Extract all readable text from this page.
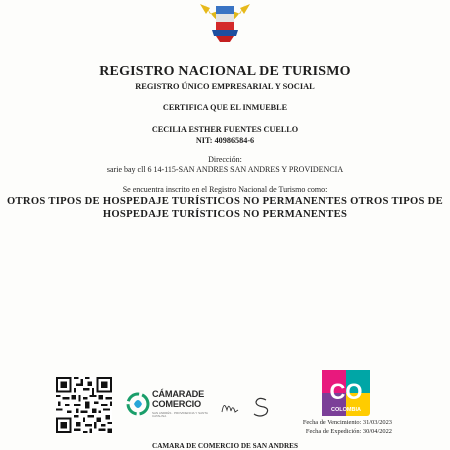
REGISTRO NACIONAL DE TURISMO
REGISTRO ÚNICO EMPRESARIAL Y SOCIAL
CERTIFICA QUE EL INMUEBLE
CECILIA ESTHER FUENTES CUELLO
NIT: 40986584-6
Dirección:
sarie bay cll 6 14-115-SAN ANDRES SAN ANDRES Y PROVIDENCIA
Se encuentra inscrito en el Registro Nacional de Turismo como:
OTROS TIPOS DE HOSPEDAJE TURÍSTICOS NO PERMANENTES OTROS TIPOS DE HOSPEDAJE TURÍSTICOS NO PERMANENTES
CÁMARADE
COMERCIO
SAN ANDRÉS · PROVIDENCIA Y SANTA CATALINA
CO
COLOMBIA
Fecha de Vencimiento: 31/03/2023
Fecha de Expedición: 30/04/2022
CAMARA DE COMERCIO DE SAN ANDRES
